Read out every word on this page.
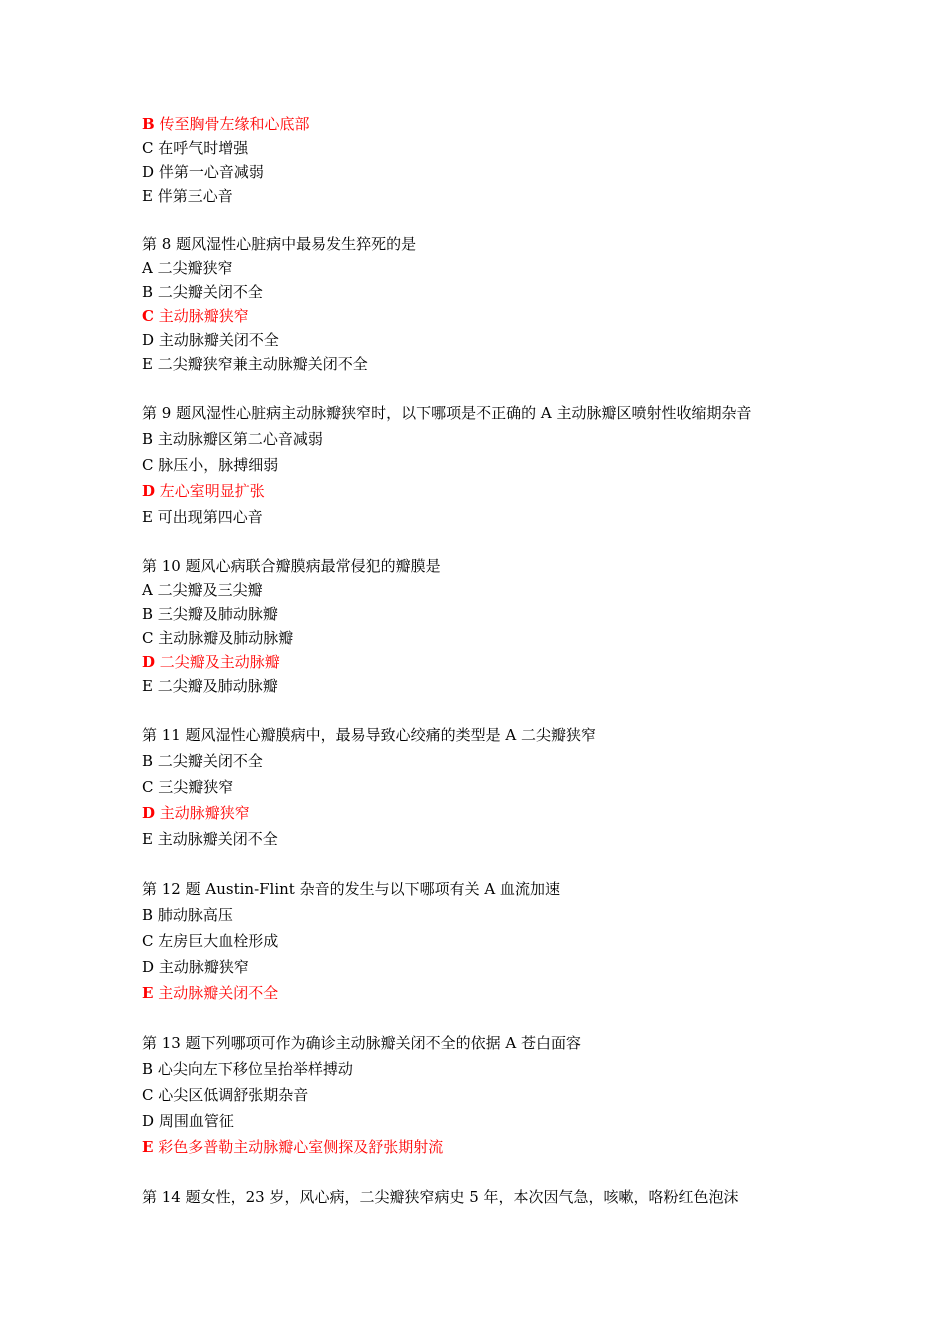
B 传至胸骨左缘和心底部
C 在呼气时增强
D 伴第一心音减弱
E 伴第三心音
第 8 题风湿性心脏病中最易发生猝死的是
A 二尖瓣狭窄
B 二尖瓣关闭不全
C 主动脉瓣狭窄
D 主动脉瓣关闭不全
E 二尖瓣狭窄兼主动脉瓣关闭不全
第 9 题风湿性心脏病主动脉瓣狭窄时，以下哪项是不正确的 A 主动脉瓣区喷射性收缩期杂音
B 主动脉瓣区第二心音减弱
C 脉压小，脉搏细弱
D 左心室明显扩张
E 可出现第四心音
第 10 题风心病联合瓣膜病最常侵犯的瓣膜是
A 二尖瓣及三尖瓣
B 三尖瓣及肺动脉瓣
C 主动脉瓣及肺动脉瓣
D 二尖瓣及主动脉瓣
E 二尖瓣及肺动脉瓣
第 11 题风湿性心瓣膜病中，最易导致心绞痛的类型是 A 二尖瓣狭窄
B 二尖瓣关闭不全
C 三尖瓣狭窄
D 主动脉瓣狭窄
E 主动脉瓣关闭不全
第 12 题 Austin-Flint 杂音的发生与以下哪项有关 A 血流加速
B 肺动脉高压
C 左房巨大血栓形成
D 主动脉瓣狭窄
E 主动脉瓣关闭不全
第 13 题下列哪项可作为确诊主动脉瓣关闭不全的依据 A 苍白面容
B 心尖向左下移位呈抬举样搏动
C 心尖区低调舒张期杂音
D 周围血管征
E 彩色多普勒主动脉瓣心室侧探及舒张期射流
第 14 题女性，23 岁，风心病，二尖瓣狭窄病史 5 年，本次因气急，咳嗽，咯粉红色泡沫
